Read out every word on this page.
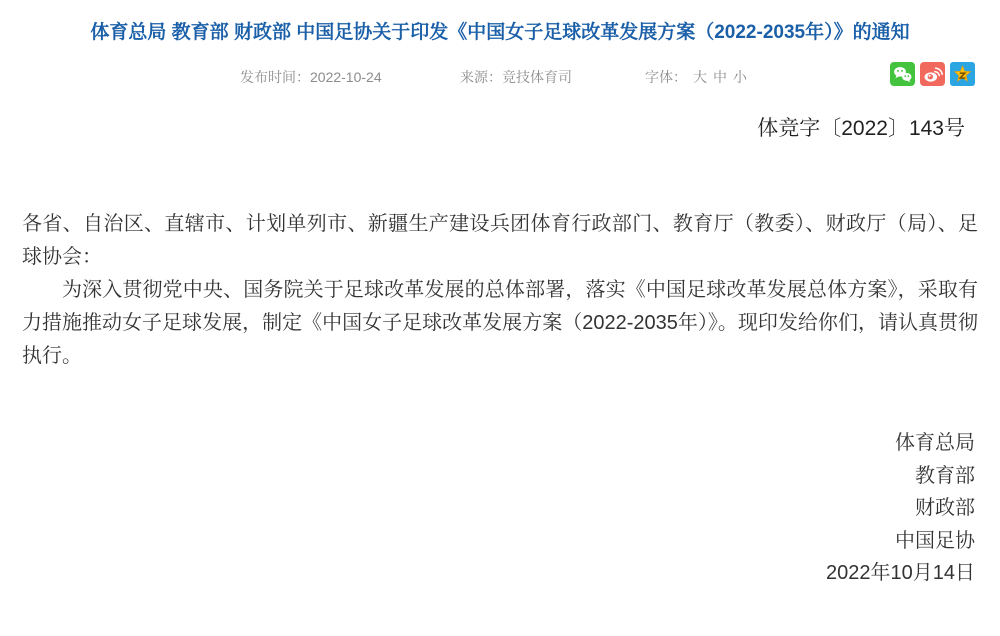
体育总局 教育部 财政部 中国足协关于印发《中国女子足球改革发展方案（2022-2035年）》的通知
发布时间：2022-10-24	来源：竞技体育司	字体： 大 中 小
体竞字〔2022〕143号

各省、自治区、直辖市、计划单列市、新疆生产建设兵团体育行政部门、教育厅（教委）、财政厅（局）、足球协会：

为深入贯彻党中央、国务院关于足球改革发展的总体部署，落实《中国足球改革发展总体方案》，采取有力措施推动女子足球发展，制定《中国女子足球改革发展方案（2022-2035年）》。现印发给你们，请认真贯彻执行。

体育总局
教育部
财政部
中国足协
2022年10月14日
